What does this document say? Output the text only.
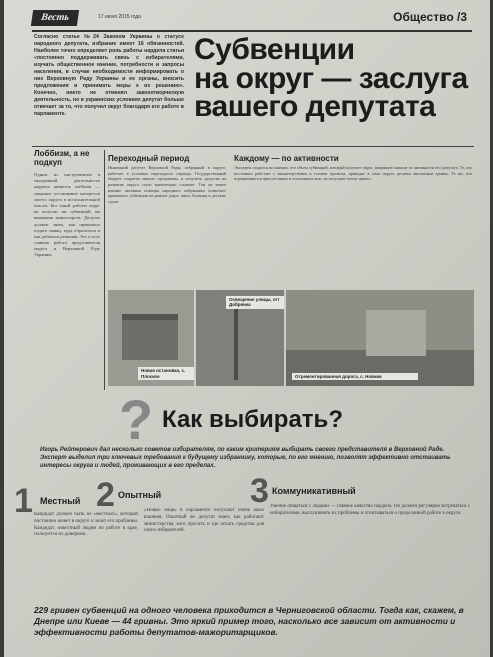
Весть	17 июня 2015 года	Общество /3
Согласно статье №24 Законом Украины о статусе народного депутата, избрание имеет 16 обязанностей. Наиболее точно определяет роль работы нардепа статья «постоянно поддерживать связь с избирателями, изучать общественное мнение, потребности и запросы населения, в случае необходимости информировать о них Верховную Раду Украины и ее органы, вносить предложения и принимать меры к их решению». Конечно, никто не отменял законотворческую деятельность, но в украинских условиях депутат больше отвечает за то, что получил округ благодаря его работе в парламенте.
Субвенции
на округ — заслуга
вашего депутата
Лоббизм, а не подкуп
Одним из инструментов в ежедневной деятельности нардепа является лоббизм — законное отстаивание интересов своего округа в исполнительной власти. Без такой работы округ не получит ни субвенций, ни внимания министерств. Депутат должен знать, как правильно подать заявку, куда обратиться и как добиться решения. Это и есть главная работа представителя округа в Верховной Раде Украины.
Переходный период
Нынешний депутат Верховной Рады, избранный в округе, работает в условиях переходного периода. Государственный бюджет сократил многие программы, и получить средства на развитие округа стало значительно сложнее. Тем не менее именно активная позиция народного избранника позволяет привлекать субвенции на ремонт дорог, школ, больниц и детских садов.
Каждому — по активности
Эксперты сходятся во мнении, что объем субвенций, который получает округ, напрямую зависит от активности его депутата. Те, кто постоянно работает с министерствами и готовит проекты, приводят в свои округа десятки миллионов гривен. Те же, кто ограничивается присутствием в сессионном зале, не получают почти ничего.
Новая остановка, с. Плоское
Освещение улицы, пгт Добрянка
Отремонтированная дорога, с. Новики
? Как выбирать?
Игорь Рейтерович дал несколько советов избирателям, по каким критериям выбирать своего представителя в Верховной Раде. Эксперт выделил три ключевых требования к будущему избраннику, которые, по его мнению, позволят эффективно отстаивать интересы округа и людей, проживающих в его пределах.
1 Местный
Кандидат должен быть из «местных», который постоянно живет в округе и знает его проблемы. Кандидат, известный людям по работе в крае, пользуется их доверием.
2 Опытный
«Новые лица» в парламенте получают очень мало влияния. Опытный же депутат знает, как работают министерства, кого просить и где искать средства для своих избирателей.
3 Коммуникативный
Умение общаться с людьми — главное качество нардепа. Он должен регулярно встречаться с избирателями, выслушивать их проблемы и отчитываться о проделанной работе в округе.
229 гривен субвенций на одного человека приходится в Черниговской области. Тогда как, скажем, в Днепре или Киеве — 44 гривны. Это яркий пример того, насколько все зависит от активности и эффективности работы депутатов-мажоритарщиков.
